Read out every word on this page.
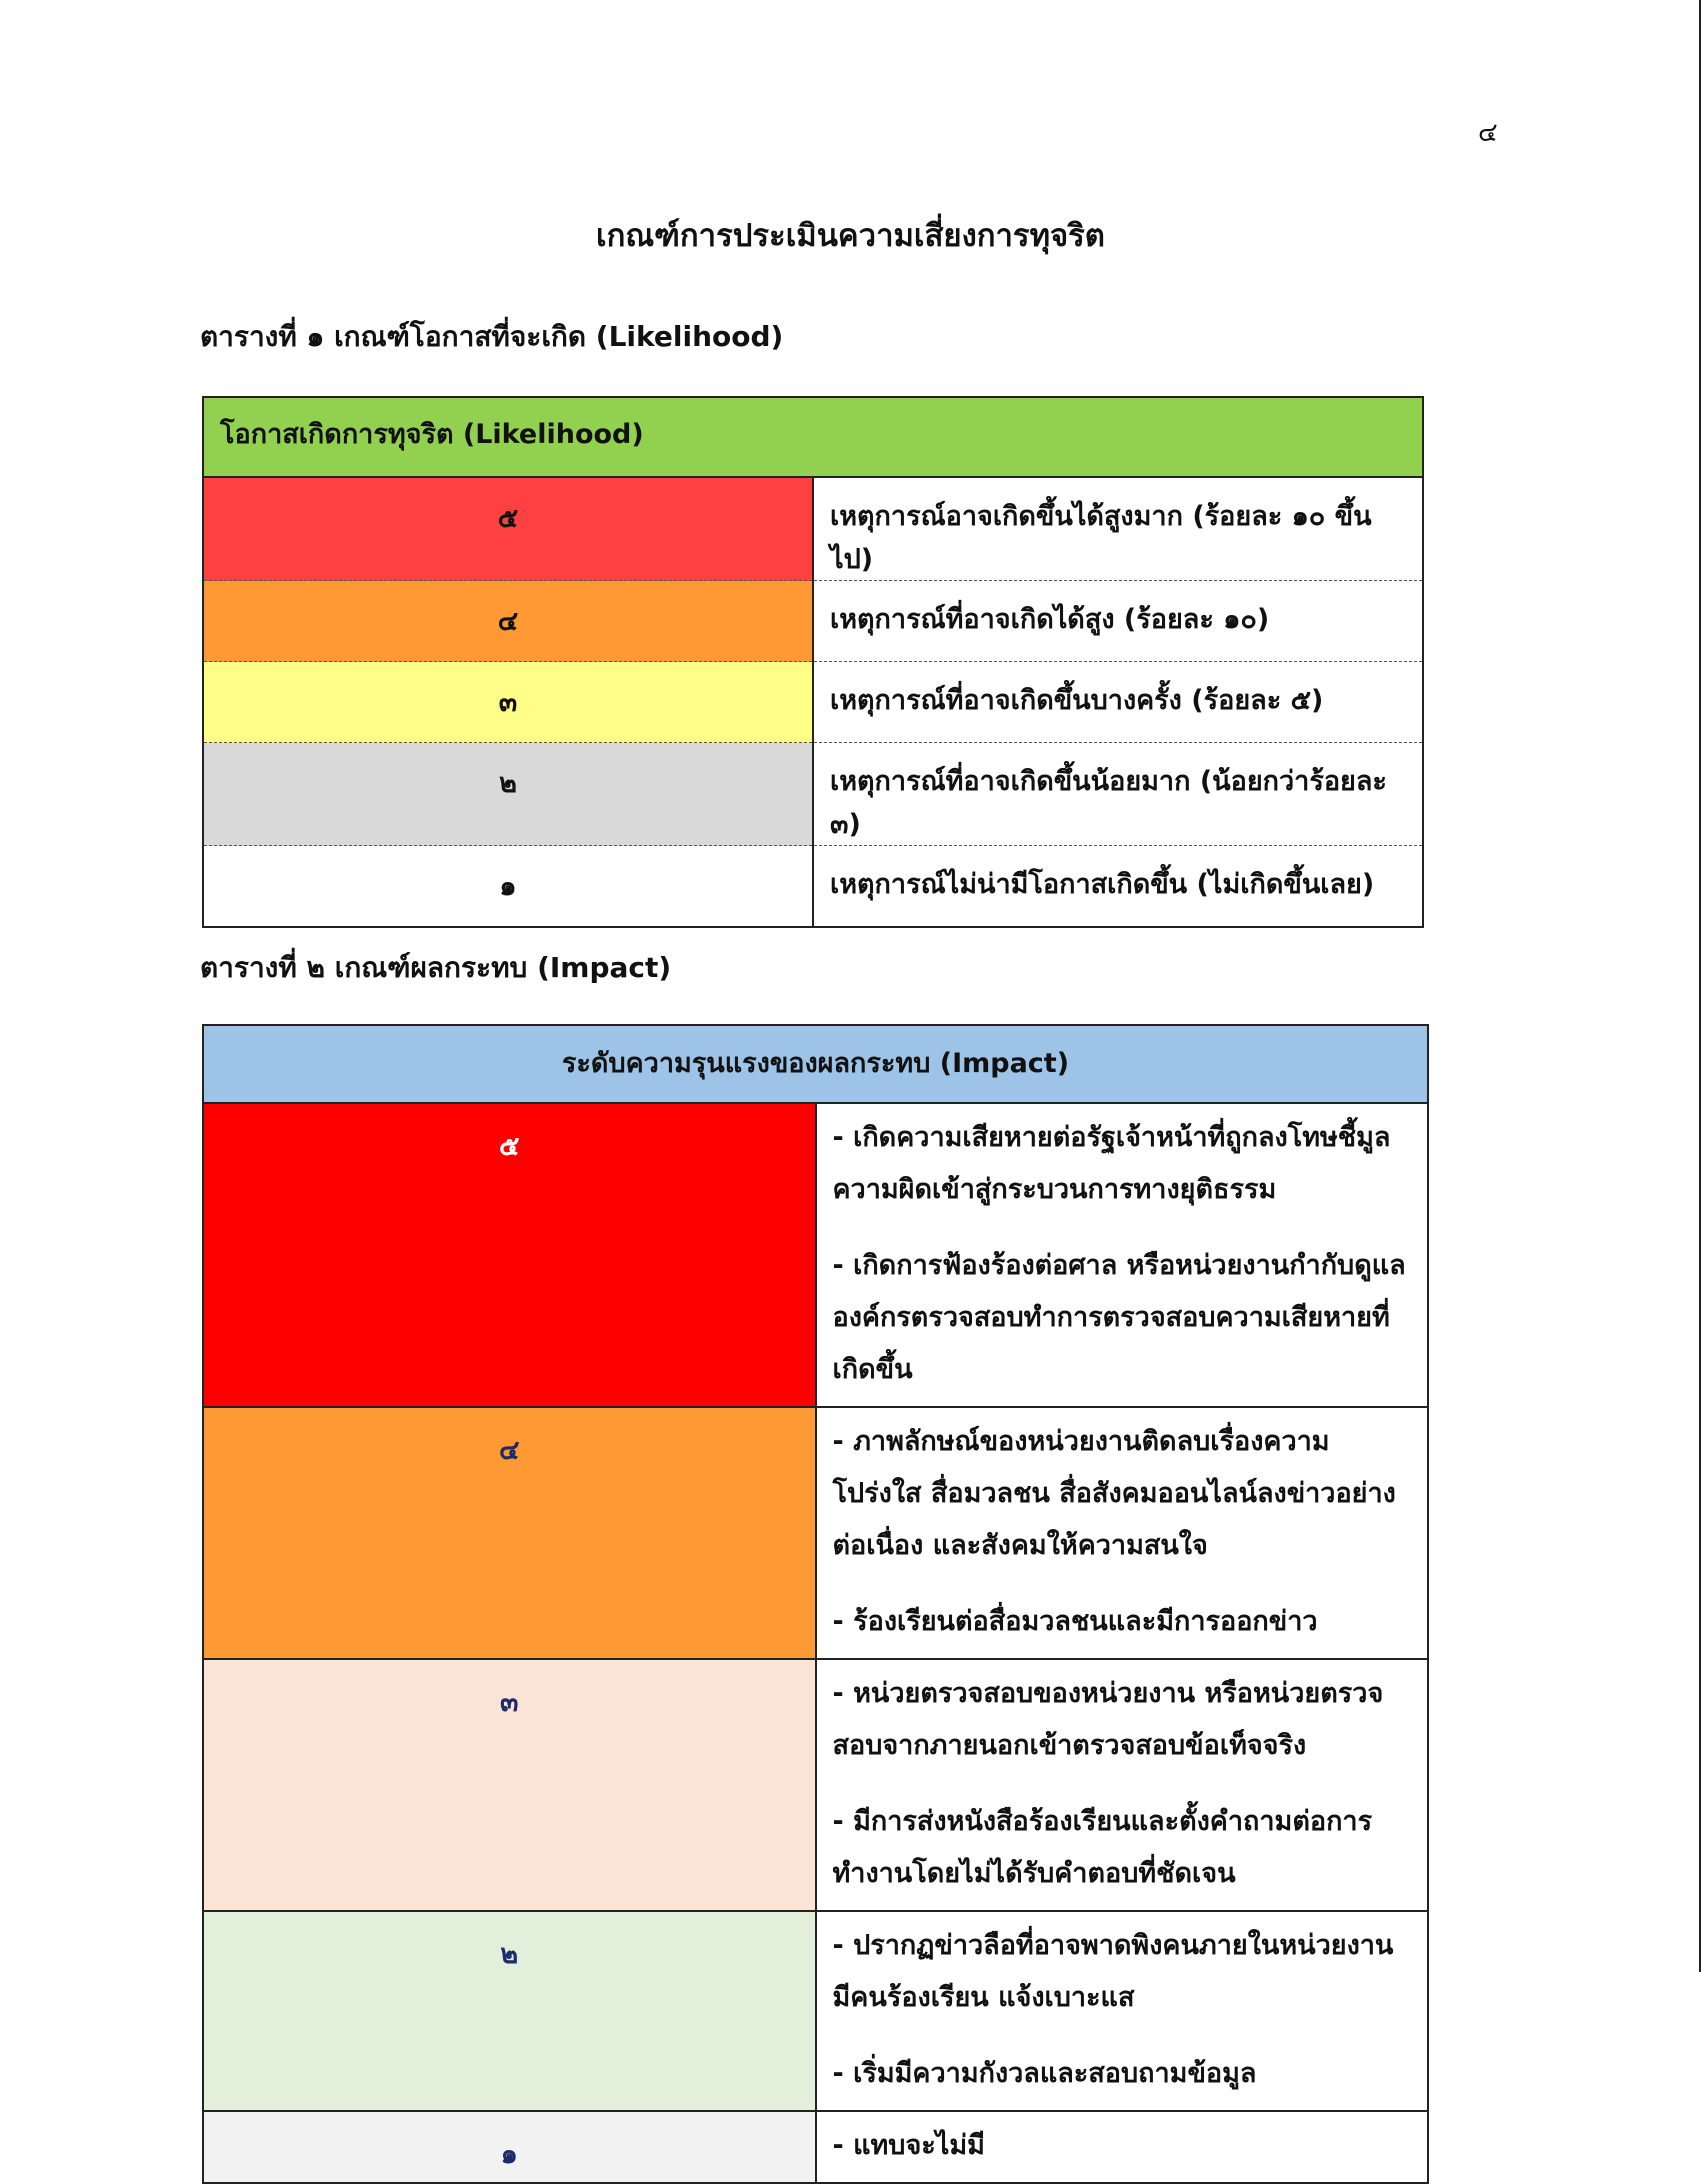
๔
เกณฑ์การประเมินความเสี่ยงการทุจริต
ตารางที่ ๑ เกณฑ์โอกาสที่จะเกิด (Likelihood)
โอกาสเกิดการทุจริต (Likelihood)	
๕	เหตุการณ์อาจเกิดขึ้นได้สูงมาก (ร้อยละ ๑๐ ขึ้นไป)
๔	เหตุการณ์ที่อาจเกิดได้สูง (ร้อยละ ๑๐)
๓	เหตุการณ์ที่อาจเกิดขึ้นบางครั้ง (ร้อยละ ๕)
๒	เหตุการณ์ที่อาจเกิดขึ้นน้อยมาก (น้อยกว่าร้อยละ ๓)
๑	เหตุการณ์ไม่น่ามีโอกาสเกิดขึ้น (ไม่เกิดขึ้นเลย)
ตารางที่ ๒ เกณฑ์ผลกระทบ (Impact)
ระดับความรุนแรงของผลกระทบ (Impact)	
๕	- เกิดความเสียหายต่อรัฐเจ้าหน้าที่ถูกลงโทษชี้มูลความผิดเข้าสู่กระบวนการทางยุติธรรม

- เกิดการฟ้องร้องต่อศาล หรือหน่วยงานกำกับดูแล องค์กรตรวจสอบทำการตรวจสอบความเสียหายที่เกิดขึ้น

๔	- ภาพลักษณ์ของหน่วยงานติดลบเรื่องความโปร่งใส สื่อมวลชน สื่อสังคมออนไลน์ลงข่าวอย่างต่อเนื่อง และสังคมให้ความสนใจ

- ร้องเรียนต่อสื่อมวลชนและมีการออกข่าว

๓	- หน่วยตรวจสอบของหน่วยงาน หรือหน่วยตรวจสอบจากภายนอกเข้าตรวจสอบข้อเท็จจริง

- มีการส่งหนังสือร้องเรียนและตั้งคำถามต่อการทำงานโดยไม่ได้รับคำตอบที่ชัดเจน

๒	- ปรากฏข่าวลือที่อาจพาดพิงคนภายในหน่วยงาน มีคนร้องเรียน แจ้งเบาะแส

- เริ่มมีความกังวลและสอบถามข้อมูล

๑	- แทบจะไม่มี
